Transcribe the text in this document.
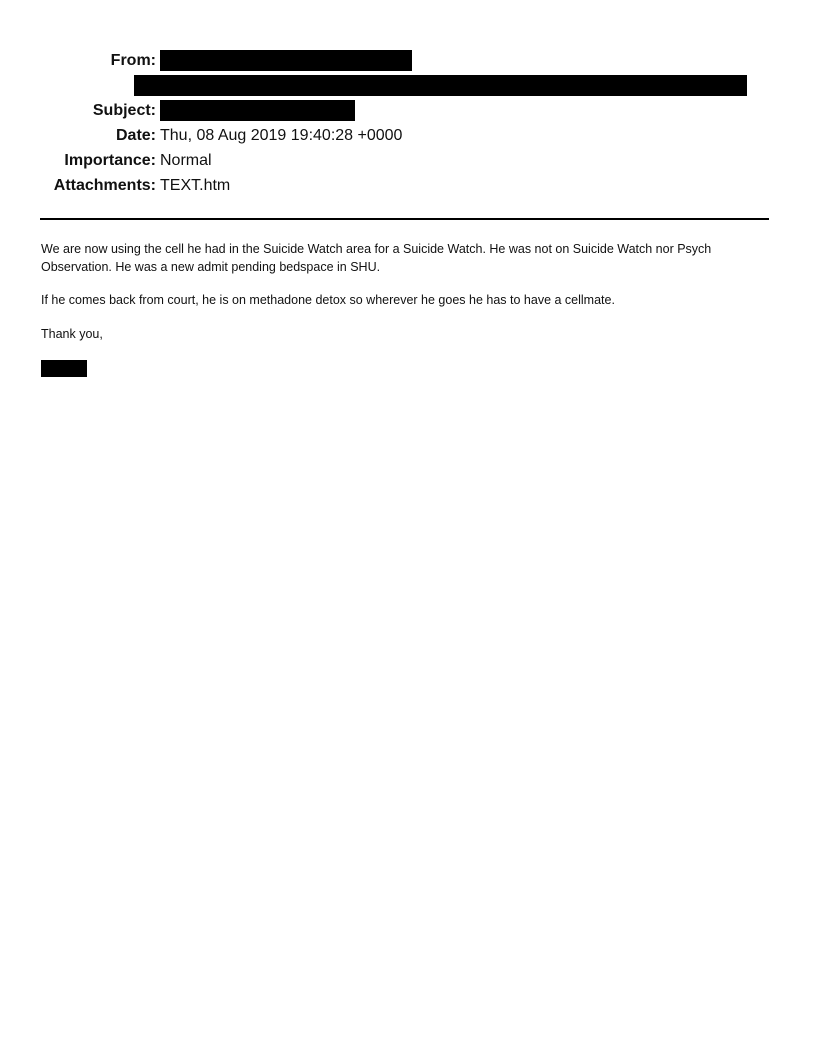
From:
Subject:
Date: Thu, 08 Aug 2019 19:40:28 +0000
Importance: Normal
Attachments: TEXT.htm

We are now using the cell he had in the Suicide Watch area for a Suicide Watch. He was not on Suicide Watch nor Psych Observation. He was a new admit pending bedspace in SHU.

If he comes back from court, he is on methadone detox so wherever he goes he has to have a cellmate.

Thank you,
